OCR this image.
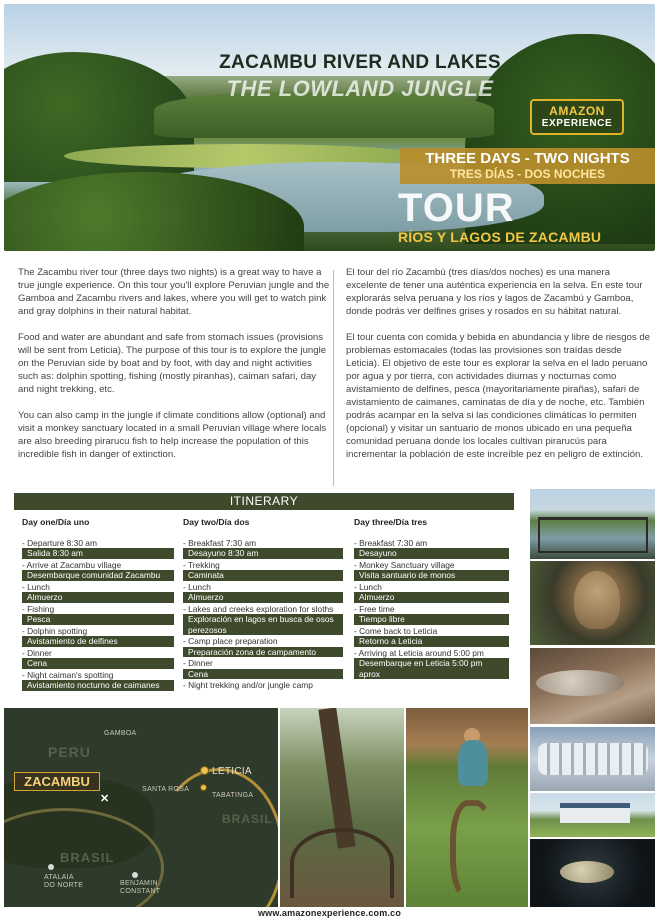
ZACAMBU RIVER AND LAKES
THE LOWLAND JUNGLE
AMAZON
EXPERIENCE
THREE DAYS - TWO NIGHTS
TRES DÍAS - DOS NOCHES
TOUR
RÍOS Y LAGOS DE ZACAMBU

The Zacambu river tour (three days two nights) is a great way to have a true jungle experience. On this tour you'll explore Peruvian jungle and the Gamboa and Zacambu rivers and lakes, where you will get to watch pink and gray dolphins in their natural habitat.

Food and water are abundant and safe from stomach issues (provisions will be sent from Leticia). The purpose of this tour is to explore the jungle on the Peruvian side by boat and by foot, with day and night activities such as: dolphin spotting, fishing (mostly piranhas), caiman safari, day and night trekking, etc.

You can also camp in the jungle if climate conditions allow (optional) and visit a monkey sanctuary located in a small Peruvian village where locals are also breeding pirarucu fish to help increase the population of this incredible fish in danger of extinction.

El tour del río Zacambú (tres días/dos noches) es una manera excelente de tener una auténtica experiencia en la selva. En este tour explorarás selva peruana y los ríos y lagos de Zacambú y Gamboa, donde podrás ver delfines grises y rosados en su hábitat natural.

El tour cuenta con comida y bebida en abundancia y libre de riesgos de problemas estomacales (todas las provisiones son traídas desde Leticia). El objetivo de este tour es explorar la selva en el lado peruano por agua y por tierra, con actividades diurnas y nocturnas como avistamiento de delfines, pesca (mayoritariamente pirañas), safari de avistamiento de caimanes, caminatas de día y de noche, etc. También podrás acampar en la selva si las condiciones climáticas lo permiten (opcional) y visitar un santuario de monos ubicado en una pequeña comunidad peruana donde los locales cultivan pirarucús para incrementar la población de este increíble pez en peligro de extinción.

ITINERARY
Day one/Día uno
- Departure 8:30 am
Salida 8:30 am
- Arrive at Zacambu village
Desembarque comunidad Zacambu
- Lunch
Almuerzo
- Fishing
Pesca
- Dolphin spotting
Avistamiento de delfines
- Dinner
Cena
- Night caiman's spotting
Avistamiento nocturno de caimanes
Day two/Día dos
- Breakfast 7:30 am
Desayuno 8:30 am
- Trekking
Caminata
- Lunch
Almuerzo
- Lakes and creeks exploration for sloths
Exploración en lagos en busca de osos perezosos
- Camp place preparation
Preparación zona de campamento
- Dinner
Cena
- Night trekking and/or jungle camp
Day three/Día tres
- Breakfast 7:30 am
Desayuno
- Monkey Sanctuary village
Visita santuario de monos
- Lunch
Almuerzo
- Free time
Tiempo libre
- Come back to Leticia
Retorno a Leticia
- Arriving at Leticia around 5:00 pm
Desembarque en Leticia 5:00 pm aprox
PERU
GAMBOA
ZACAMBU
✕
LETICIA
SANTA ROSA
TABATINGA
BRASIL
BRASIL
ATALAIA
DO NORTE	BENJAMIN
CONSTANT
www.amazonexperience.com.co
